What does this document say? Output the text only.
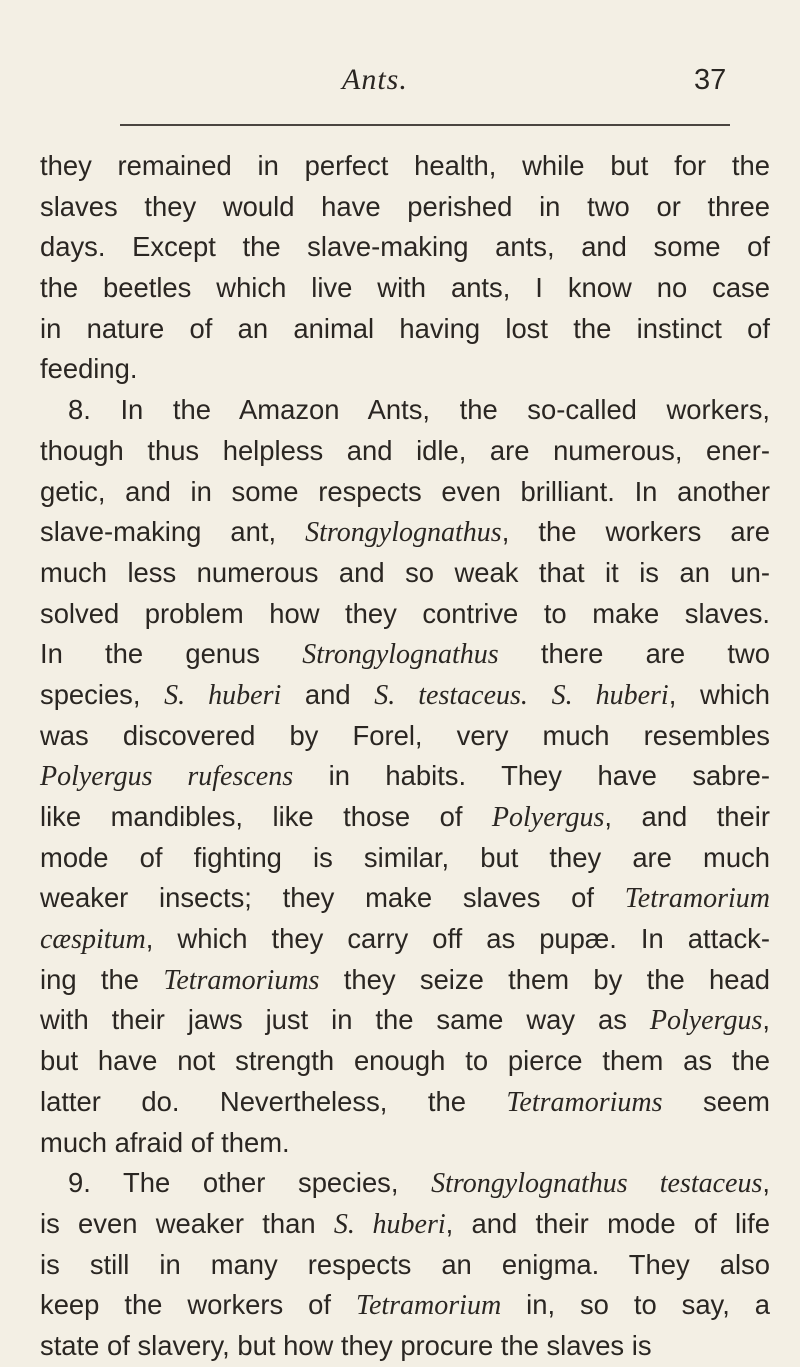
Ants.	37
they remained in perfect health, while but for the
slaves they would have perished in two or three
days. Except the slave-making ants, and some of
the beetles which live with ants, I know no case
in nature of an animal having lost the instinct of
feeding.
8. In the Amazon Ants, the so-called workers,
though thus helpless and idle, are numerous, ener-
getic, and in some respects even brilliant. In another
slave-making ant, Strongylognathus, the workers are
much less numerous and so weak that it is an un-
solved problem how they contrive to make slaves.
In the genus Strongylognathus there are two
species, S. huberi and S. testaceus. S. huberi, which
was discovered by Forel, very much resembles
Polyergus rufescens in habits. They have sabre-
like mandibles, like those of Polyergus, and their
mode of fighting is similar, but they are much
weaker insects; they make slaves of Tetramorium
cæspitum, which they carry off as pupæ. In attack-
ing the Tetramoriums they seize them by the head
with their jaws just in the same way as Polyergus,
but have not strength enough to pierce them as the
latter do. Nevertheless, the Tetramoriums seem
much afraid of them.
9. The other species, Strongylognathus testaceus,
is even weaker than S. huberi, and their mode of life
is still in many respects an enigma. They also
keep the workers of Tetramorium in, so to say, a
state of slavery, but how they procure the slaves is
